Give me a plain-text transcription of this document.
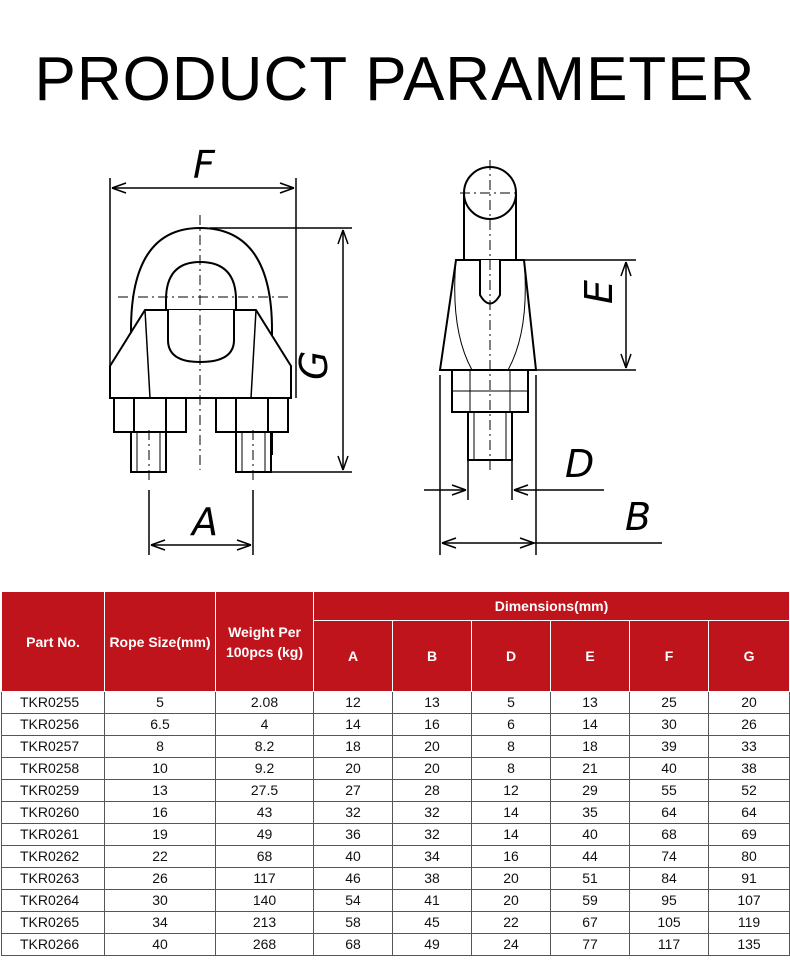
PRODUCT PARAMETER
F
G
A
E
D
B
Part No.	Rope Size(mm)	Weight Per 100pcs (kg)	Dimensions(mm)					
			A	B	D	E	F	G
TKR0255	5	2.08	12	13	5	13	25	20
TKR0256	6.5	4	14	16	6	14	30	26
TKR0257	8	8.2	18	20	8	18	39	33
TKR0258	10	9.2	20	20	8	21	40	38
TKR0259	13	27.5	27	28	12	29	55	52
TKR0260	16	43	32	32	14	35	64	64
TKR0261	19	49	36	32	14	40	68	69
TKR0262	22	68	40	34	16	44	74	80
TKR0263	26	117	46	38	20	51	84	91
TKR0264	30	140	54	41	20	59	95	107
TKR0265	34	213	58	45	22	67	105	119
TKR0266	40	268	68	49	24	77	117	135
